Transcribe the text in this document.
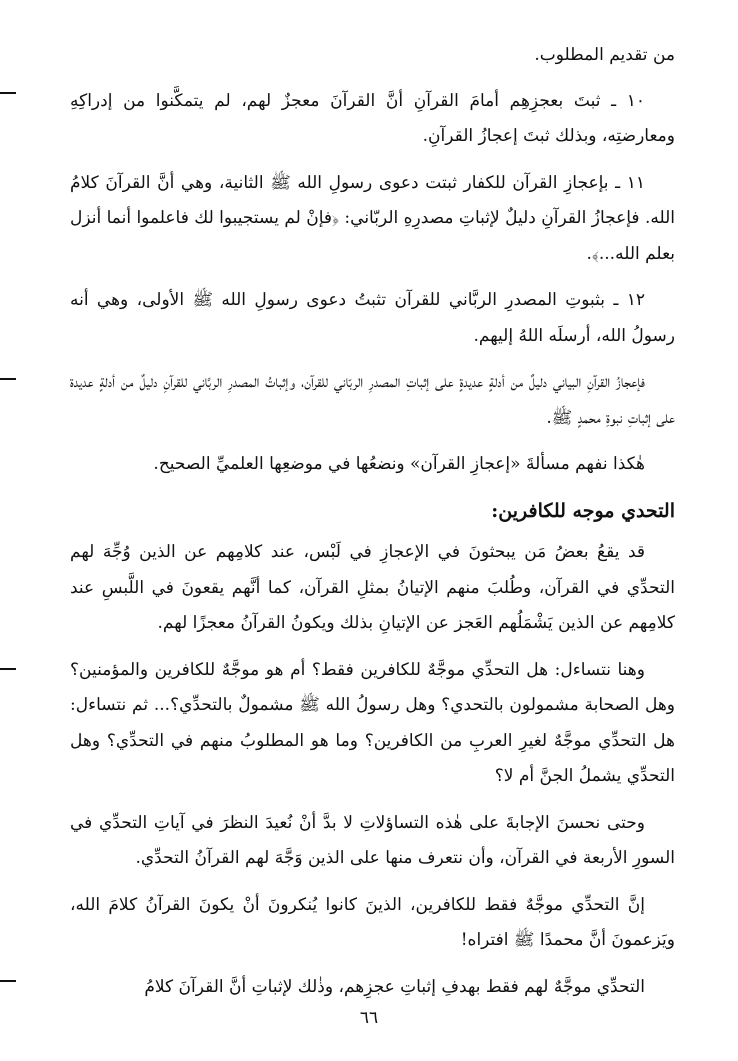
من تقديم المطلوب.

١٠ ـ ثبتَ بعجزِهِم أمامَ القرآنِ أنَّ القرآنَ معجزٌ لهم، لم يتمكَّنوا من إدراكِهِ ومعارضتِه، وبذلك ثبتَ إعجازُ القرآنِ.

١١ ـ بإعجازِ القرآن للكفار ثبتت دعوى رسولِ الله ﷺ الثانية، وهي أنَّ القرآنَ كلامُ الله. فإعجازُ القرآنِ دليلٌ لإثباتِ مصدرِهِ الربّاني: ﴿فإنْ لم يستجيبوا لك فاعلموا أنما أنزل بعلم الله...﴾.

١٢ ـ بثبوتِ المصدرِ الربَّاني للقرآن تثبتُ دعوى رسولِ الله ﷺ الأولى، وهي أنه رسولُ الله، أرسلَه اللهُ إليهم.

فإعجازُ القرآنِ البياني دليلٌ من أدلةٍ عديدةٍ على إثباتِ المصدرِ الربّاني للقرآن، وإثباتُ المصدرِ الربَّاني للقرآنِ دليلٌ من أدلةٍ عديدة على إثباتِ نبوةِ محمدٍ ﷺ.

هٰكذا نفهم مسألةَ «إعجازِ القرآن» ونضعُها في موضعِها العلميِّ الصحيح.

التحدي موجه للكافرين:

قد يقعُ بعضُ مَن يبحثونَ في الإعجازِ في لَبْس، عند كلامِهم عن الذين وُجِّهَ لهم التحدِّي في القرآن، وطُلبَ منهم الإتيانُ بمثلِ القرآن، كما أنَّهم يقعونَ في اللَّبسِ عند كلامِهم عن الذين يَشْمَلُهم العَجز عن الإتيانِ بذلك ويكونُ القرآنُ معجزًا لهم.

وهنا نتساءل: هل التحدِّي موجَّهٌ للكافرين فقط؟ أم هو موجَّهٌ للكافرين والمؤمنين؟ وهل الصحابة مشمولون بالتحدي؟ وهل رسولُ الله ﷺ مشمولٌ بالتحدِّي؟... ثم نتساءل: هل التحدِّي موجَّهٌ لغيرِ العربِ من الكافرين؟ وما هو المطلوبُ منهم في التحدِّي؟ وهل التحدِّي يشملُ الجنَّ أم لا؟

وحتى نحسنَ الإجابةَ على هٰذه التساؤلاتِ لا بدَّ أنْ نُعيدَ النظرَ في آياتِ التحدِّي في السورِ الأربعة في القرآن، وأن نتعرف منها على الذين وَجَّهَ لهم القرآنُ التحدِّي.

إنَّ التحدِّي موجَّهٌ فقط للكافرين، الذينَ كانوا يُنكرونَ أنْ يكونَ القرآنُ كلامَ الله، ويَزعمونَ أنَّ محمدًا ﷺ افتراه!

التحدِّي موجَّهٌ لهم فقط بهدفِ إثباتِ عجزِهم، وذٰلك لإثباتِ أنَّ القرآنَ كلامُ

٦٦
